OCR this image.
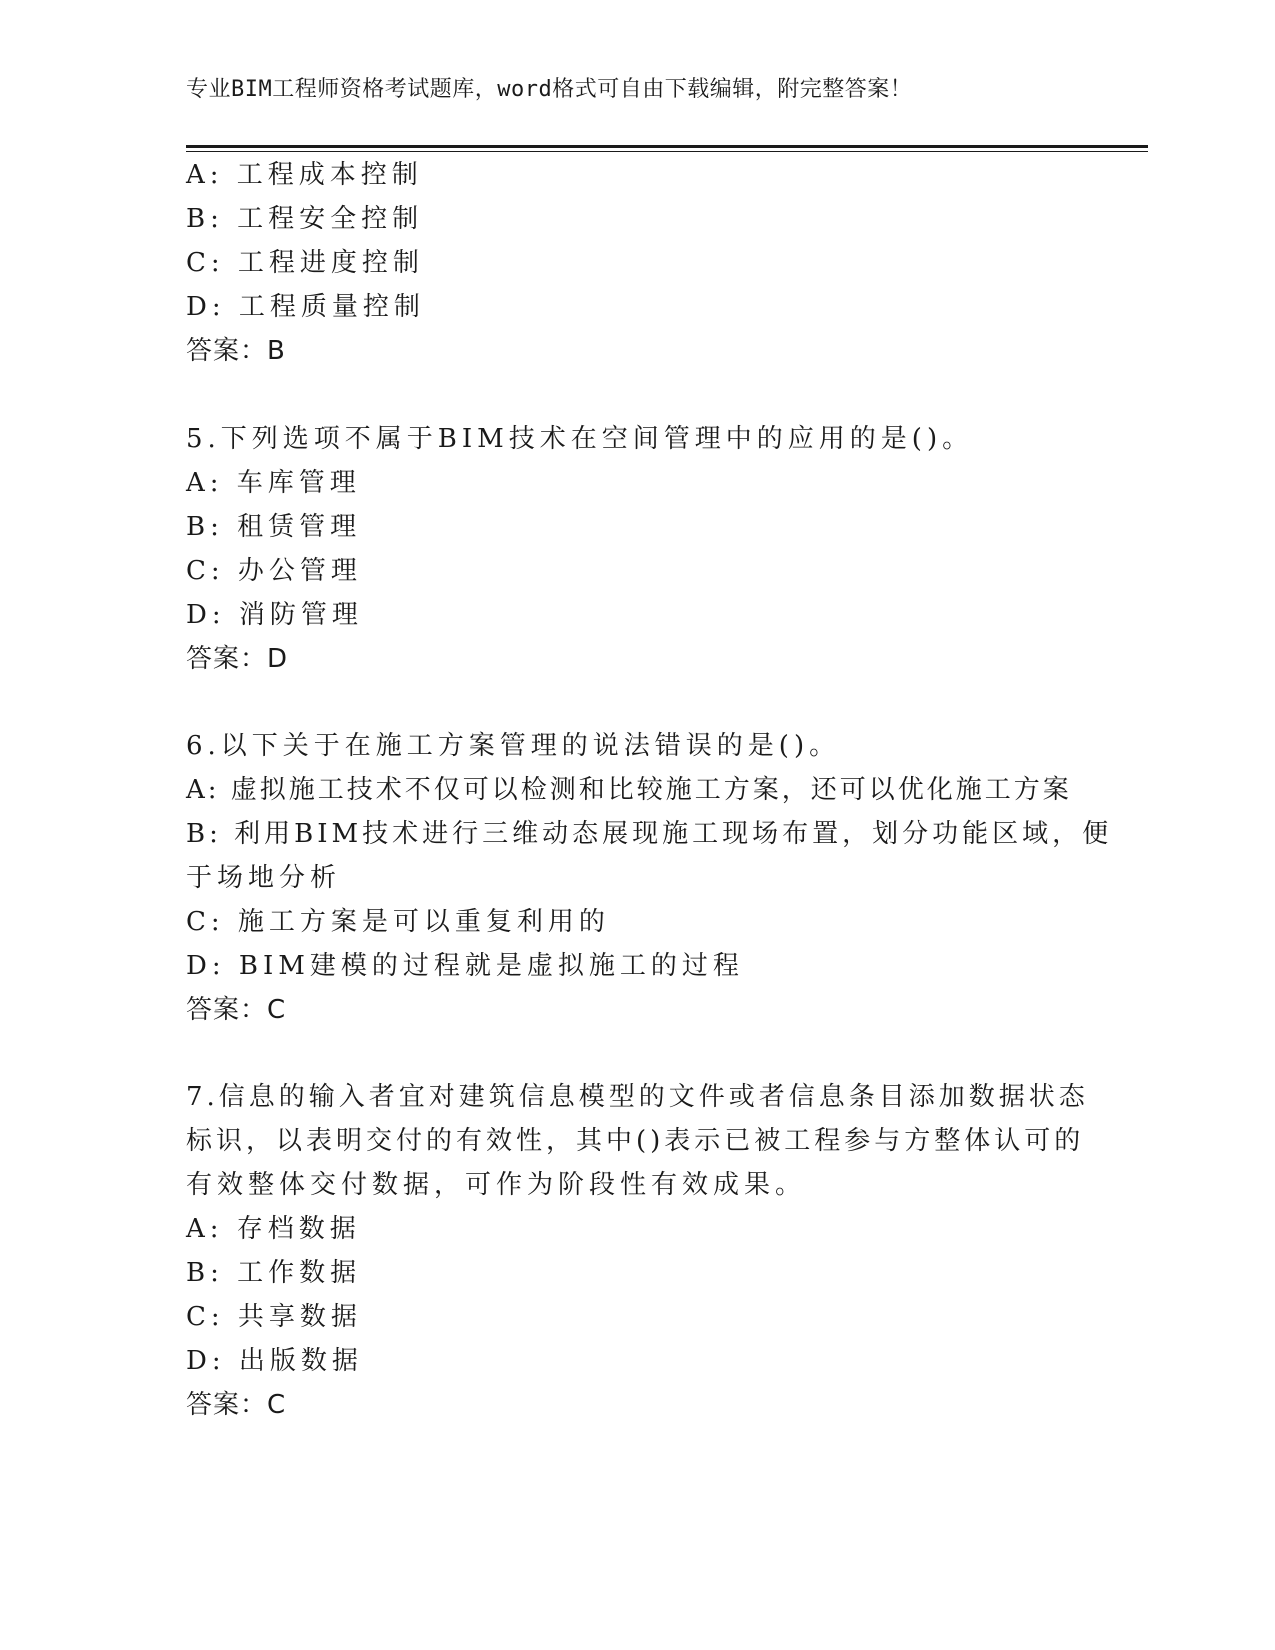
专业BIM工程师资格考试题库，word格式可自由下载编辑，附完整答案！
A: 工程成本控制
B: 工程安全控制
C: 工程进度控制
D: 工程质量控制
答案：B
5.下列选项不属于BIM技术在空间管理中的应用的是()。
A: 车库管理
B: 租赁管理
C: 办公管理
D: 消防管理
答案：D
6.以下关于在施工方案管理的说法错误的是()。
A: 虚拟施工技术不仅可以检测和比较施工方案，还可以优化施工方案
B: 利用BIM技术进行三维动态展现施工现场布置，划分功能区域，便
于场地分析
C: 施工方案是可以重复利用的
D: BIM建模的过程就是虚拟施工的过程
答案：C
7.信息的输入者宜对建筑信息模型的文件或者信息条目添加数据状态
标识，以表明交付的有效性，其中()表示已被工程参与方整体认可的
有效整体交付数据，可作为阶段性有效成果。
A: 存档数据
B: 工作数据
C: 共享数据
D: 出版数据
答案：C
